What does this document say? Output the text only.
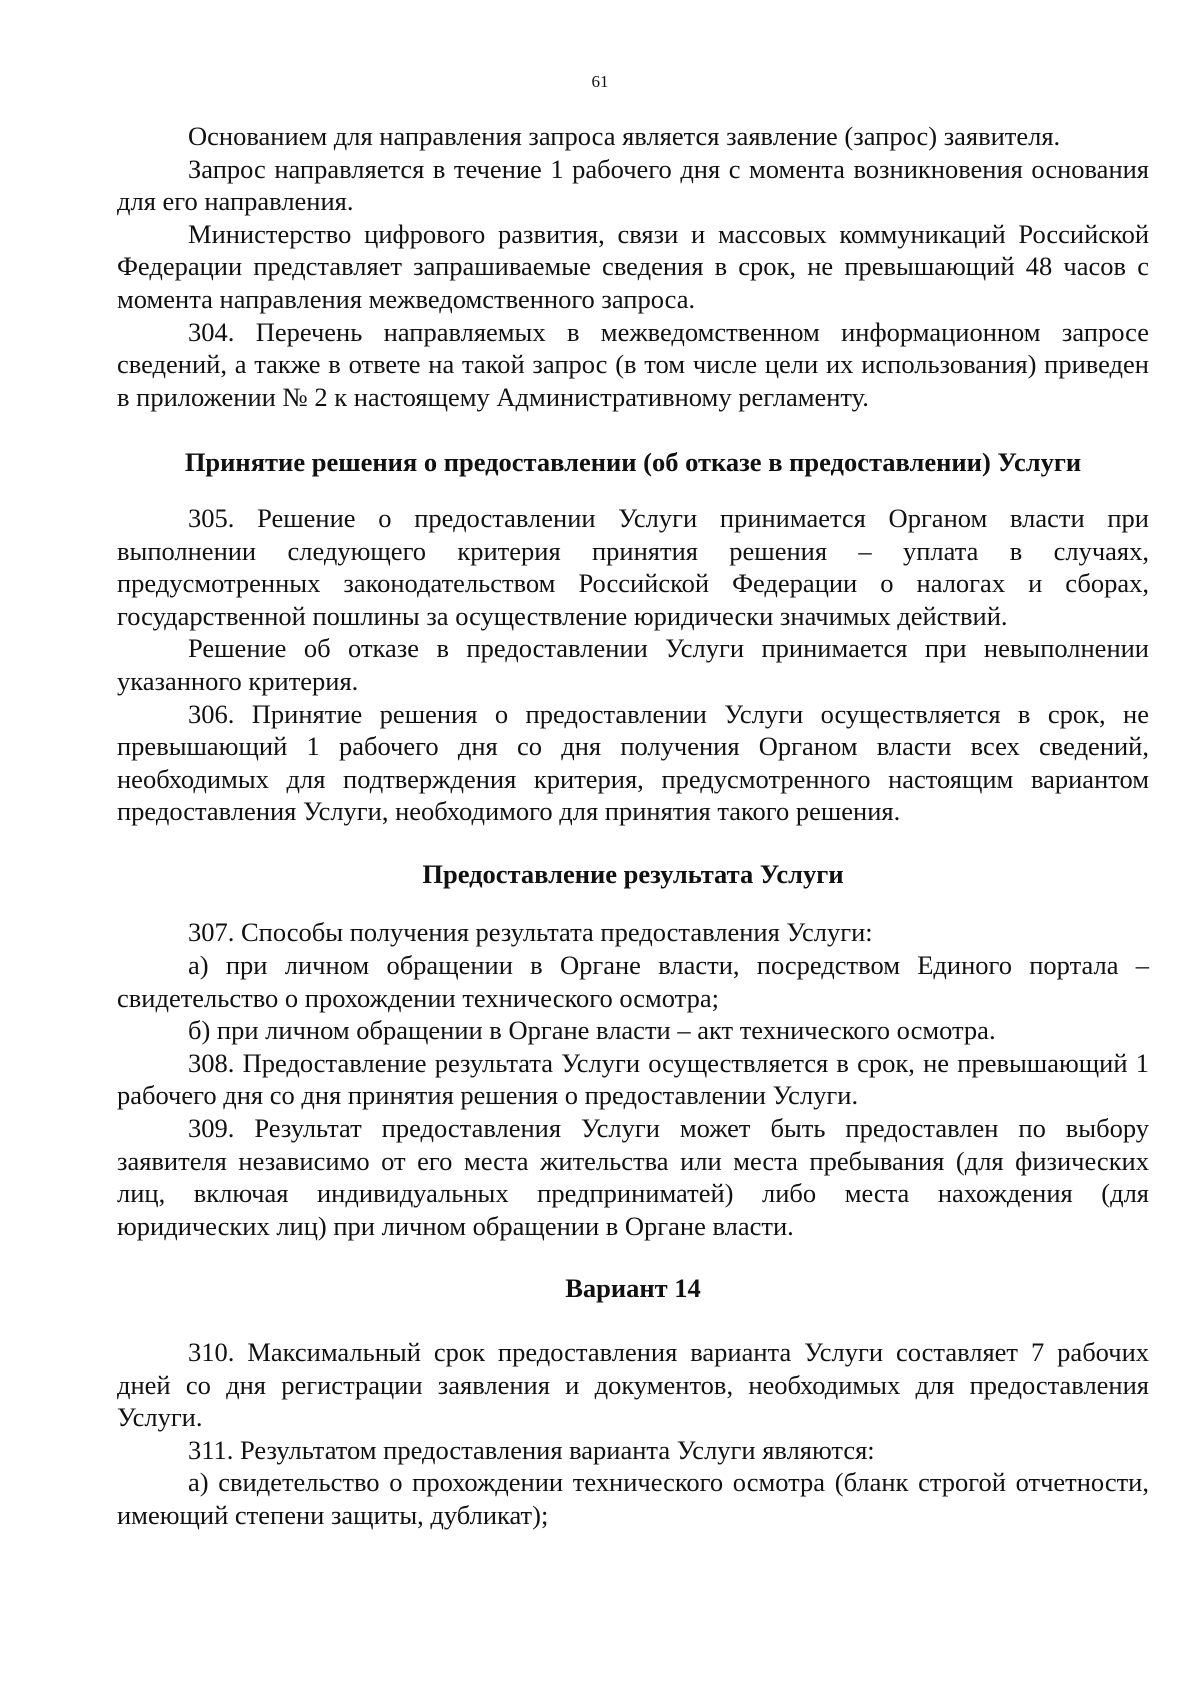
61

Основанием для направления запроса является заявление (запрос) заявителя.

Запрос направляется в течение 1 рабочего дня с момента возникновения основания для его направления.

Министерство цифрового развития, связи и массовых коммуникаций Российской Федерации представляет запрашиваемые сведения в срок, не превышающий 48 часов с момента направления межведомственного запроса.

304. Перечень направляемых в межведомственном информационном запросе сведений, а также в ответе на такой запрос (в том числе цели их использования) приведен в приложении № 2 к настоящему Административному регламенту.

Принятие решения о предоставлении (об отказе в предоставлении) Услуги

305. Решение о предоставлении Услуги принимается Органом власти при выполнении следующего критерия принятия решения – уплата в случаях, предусмотренных законодательством Российской Федерации о налогах и сборах, государственной пошлины за осуществление юридически значимых действий.

Решение об отказе в предоставлении Услуги принимается при невыполнении указанного критерия.

306. Принятие решения о предоставлении Услуги осуществляется в срок, не превышающий 1 рабочего дня со дня получения Органом власти всех сведений, необходимых для подтверждения критерия, предусмотренного настоящим вариантом предоставления Услуги, необходимого для принятия такого решения.

Предоставление результата Услуги

307. Способы получения результата предоставления Услуги:

а) при личном обращении в Органе власти, посредством Единого портала – свидетельство о прохождении технического осмотра;

б) при личном обращении в Органе власти – акт технического осмотра.

308. Предоставление результата Услуги осуществляется в срок, не превышающий 1 рабочего дня со дня принятия решения о предоставлении Услуги.

309. Результат предоставления Услуги может быть предоставлен по выбору заявителя независимо от его места жительства или места пребывания (для физических лиц, включая индивидуальных предприниматей) либо места нахождения (для юридических лиц) при личном обращении в Органе власти.

Вариант 14

310. Максимальный срок предоставления варианта Услуги составляет 7 рабочих дней со дня регистрации заявления и документов, необходимых для предоставления Услуги.

311. Результатом предоставления варианта Услуги являются:

а) свидетельство о прохождении технического осмотра (бланк строгой отчетности, имеющий степени защиты, дубликат);
